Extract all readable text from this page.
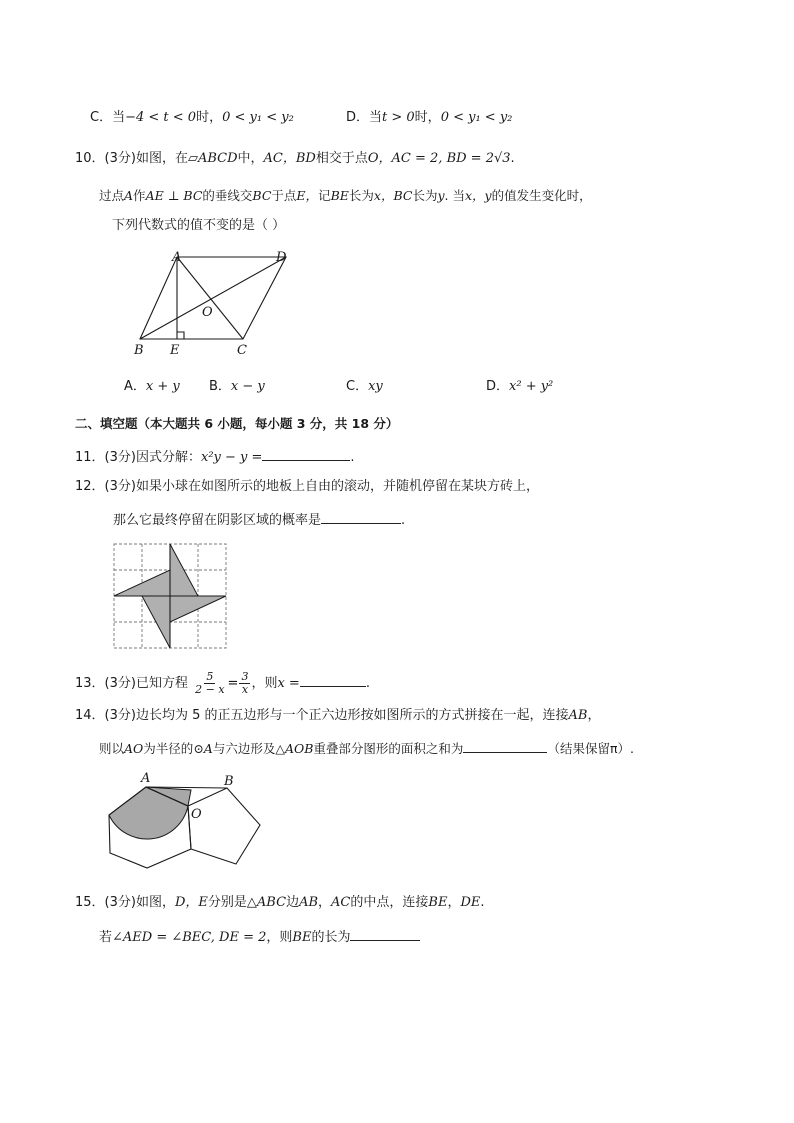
C．当−4 < t < 0时，0 < y₁ < y₂	D．当t > 0时，0 < y₁ < y₂
10．(3分)如图，在▱ABCD中，AC，BD相交于点O，AC = 2, BD = 2√3.
过点A作AE ⊥ BC的垂线交BC于点E，记BE长为x，BC长为y. 当x，y的值发生变化时，
下列代数式的值不变的是（ ）
A	D
O
B E	C
A．x + y B．x − y	C．xy	D．x² + y²
二、填空题（本大题共 6 小题，每小题 3 分，共 18 分）
11．(3分)因式分解：x²y − y =	.
12．(3分)如果小球在如图所示的地板上自由的滚动，并随机停留在某块方砖上，
那么它最终停留在阴影区域的概率是	.
13．(3分)已知方程 $\frac{5}{2 - x} = \frac{3}{x}$ ，则x =	.
14．(3分)边长均为 5 的正五边形与一个正六边形按如图所示的方式拼接在一起，连接AB，
则以AO为半径的⊙A与六边形及△AOB重叠部分图形的面积之和为	（结果保留π）.
A	B
O
15．(3分)如图，D，E分别是△ABC边AB，AC的中点，连接BE，DE.
若∠AED = ∠BEC, DE = 2，则BE的长为
